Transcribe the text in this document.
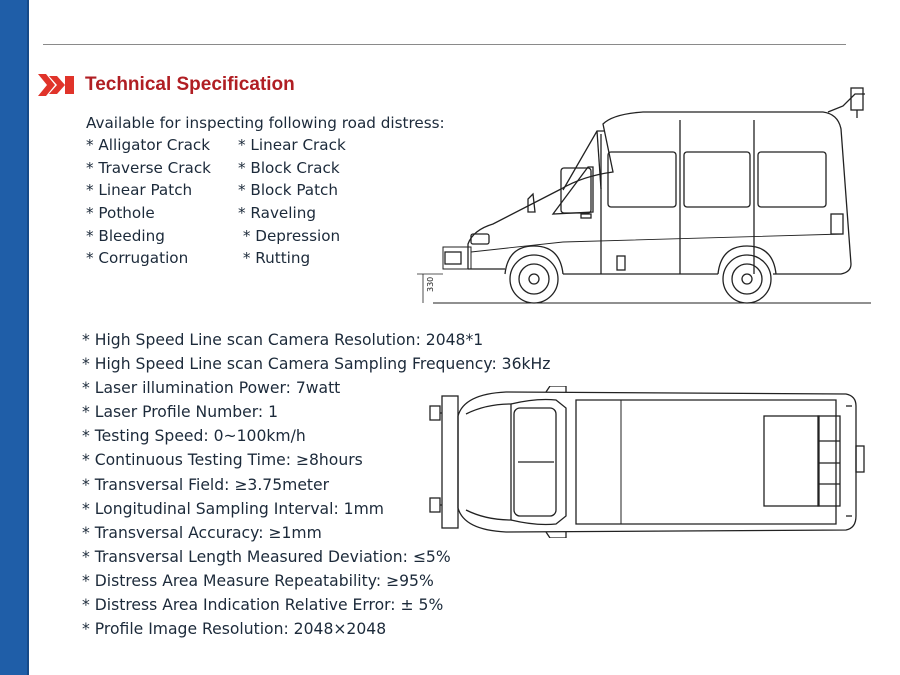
Technical Specification
Available for inspecting following road distress:
* Alligator Crack * Linear Crack
* Traverse Crack * Block Crack
* Linear Patch	* Block Patch
* Pothole	* Raveling
* Bleeding	* Depression
* Corrugation	* Rutting
* High Speed Line scan Camera Resolution: 2048*1
* High Speed Line scan Camera Sampling Frequency: 36kHz
* Laser illumination Power: 7watt
* Laser Profile Number: 1
* Testing Speed: 0~100km/h
* Continuous Testing Time: ≥8hours
* Transversal Field: ≥3.75meter
* Longitudinal Sampling Interval: 1mm
* Transversal Accuracy: ≥1mm
* Transversal Length Measured Deviation: ≤5%
* Distress Area Measure Repeatability: ≥95%
* Distress Area Indication Relative Error: ± 5%
* Profile Image Resolution: 2048×2048
330
